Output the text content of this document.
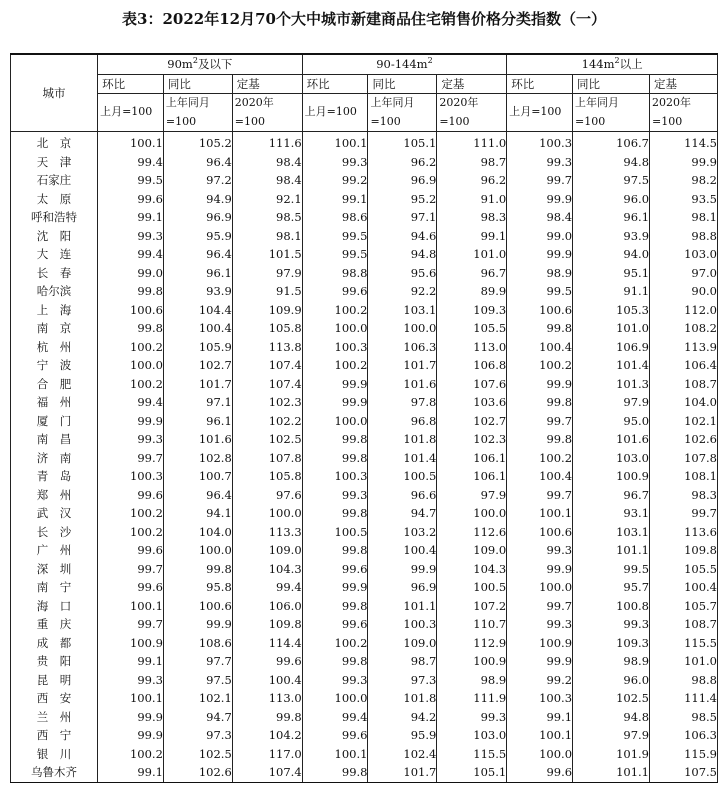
表3：2022年12月70个大中城市新建商品住宅销售价格分类指数（一）
城市	$90m^2$及以下			$90-144m^2$			$144m^2$以上		
	环比	同比	定基	环比	同比	定基	环比	同比	定基
	上月=100	上年同月=100	2020年=100	上月=100	上年同月=100	2020年=100	上月=100	上年同月=100	2020年=100
北　京	100.1	105.2	111.6	100.1	105.1	111.0	100.3	106.7	114.5
天　津	99.4	96.4	98.4	99.3	96.2	98.7	99.3	94.8	99.9
石家庄	99.5	97.2	98.4	99.2	96.9	96.2	99.7	97.5	98.2
太　原	99.6	94.9	92.1	99.1	95.2	91.0	99.9	96.0	93.5
呼和浩特	99.1	96.9	98.5	98.6	97.1	98.3	98.4	96.1	98.1
沈　阳	99.3	95.9	98.1	99.5	94.6	99.1	99.0	93.9	98.8
大　连	99.4	96.4	101.5	99.5	94.8	101.0	99.9	94.0	103.0
长　春	99.0	96.1	97.9	98.8	95.6	96.7	98.9	95.1	97.0
哈尔滨	99.8	93.9	91.5	99.6	92.2	89.9	99.5	91.1	90.0
上　海	100.6	104.4	109.9	100.2	103.1	109.3	100.6	105.3	112.0
南　京	99.8	100.4	105.8	100.0	100.0	105.5	99.8	101.0	108.2
杭　州	100.2	105.9	113.8	100.3	106.3	113.0	100.4	106.9	113.9
宁　波	100.0	102.7	107.4	100.2	101.7	106.8	100.2	101.4	106.4
合　肥	100.2	101.7	107.4	99.9	101.6	107.6	99.9	101.3	108.7
福　州	99.4	97.1	102.3	99.9	97.8	103.6	99.8	97.9	104.0
厦　门	99.9	96.1	102.2	100.0	96.8	102.7	99.7	95.0	102.1
南　昌	99.3	101.6	102.5	99.8	101.8	102.3	99.8	101.6	102.6
济　南	99.7	102.8	107.8	99.8	101.4	106.1	100.2	103.0	107.8
青　岛	100.3	100.7	105.8	100.3	100.5	106.1	100.4	100.9	108.1
郑　州	99.6	96.4	97.6	99.3	96.6	97.9	99.7	96.7	98.3
武　汉	100.2	94.1	100.0	99.8	94.7	100.0	100.1	93.1	99.7
长　沙	100.2	104.0	113.3	100.5	103.2	112.6	100.6	103.1	113.6
广　州	99.6	100.0	109.0	99.8	100.4	109.0	99.3	101.1	109.8
深　圳	99.7	99.8	104.3	99.6	99.9	104.3	99.9	99.5	105.5
南　宁	99.6	95.8	99.4	99.9	96.9	100.5	100.0	95.7	100.4
海　口	100.1	100.6	106.0	99.8	101.1	107.2	99.7	100.8	105.7
重　庆	99.7	99.9	109.8	99.6	100.3	110.7	99.3	99.3	108.7
成　都	100.9	108.6	114.4	100.2	109.0	112.9	100.9	109.3	115.5
贵　阳	99.1	97.7	99.6	99.8	98.7	100.9	99.9	98.9	101.0
昆　明	99.3	97.5	100.4	99.3	97.3	98.9	99.2	96.0	98.8
西　安	100.1	102.1	113.0	100.0	101.8	111.9	100.3	102.5	111.4
兰　州	99.9	94.7	99.8	99.4	94.2	99.3	99.1	94.8	98.5
西　宁	99.9	97.3	104.2	99.6	95.9	103.0	100.1	97.9	106.3
银　川	100.2	102.5	117.0	100.1	102.4	115.5	100.0	101.9	115.9
乌鲁木齐	99.1	102.6	107.4	99.8	101.7	105.1	99.6	101.1	107.5
